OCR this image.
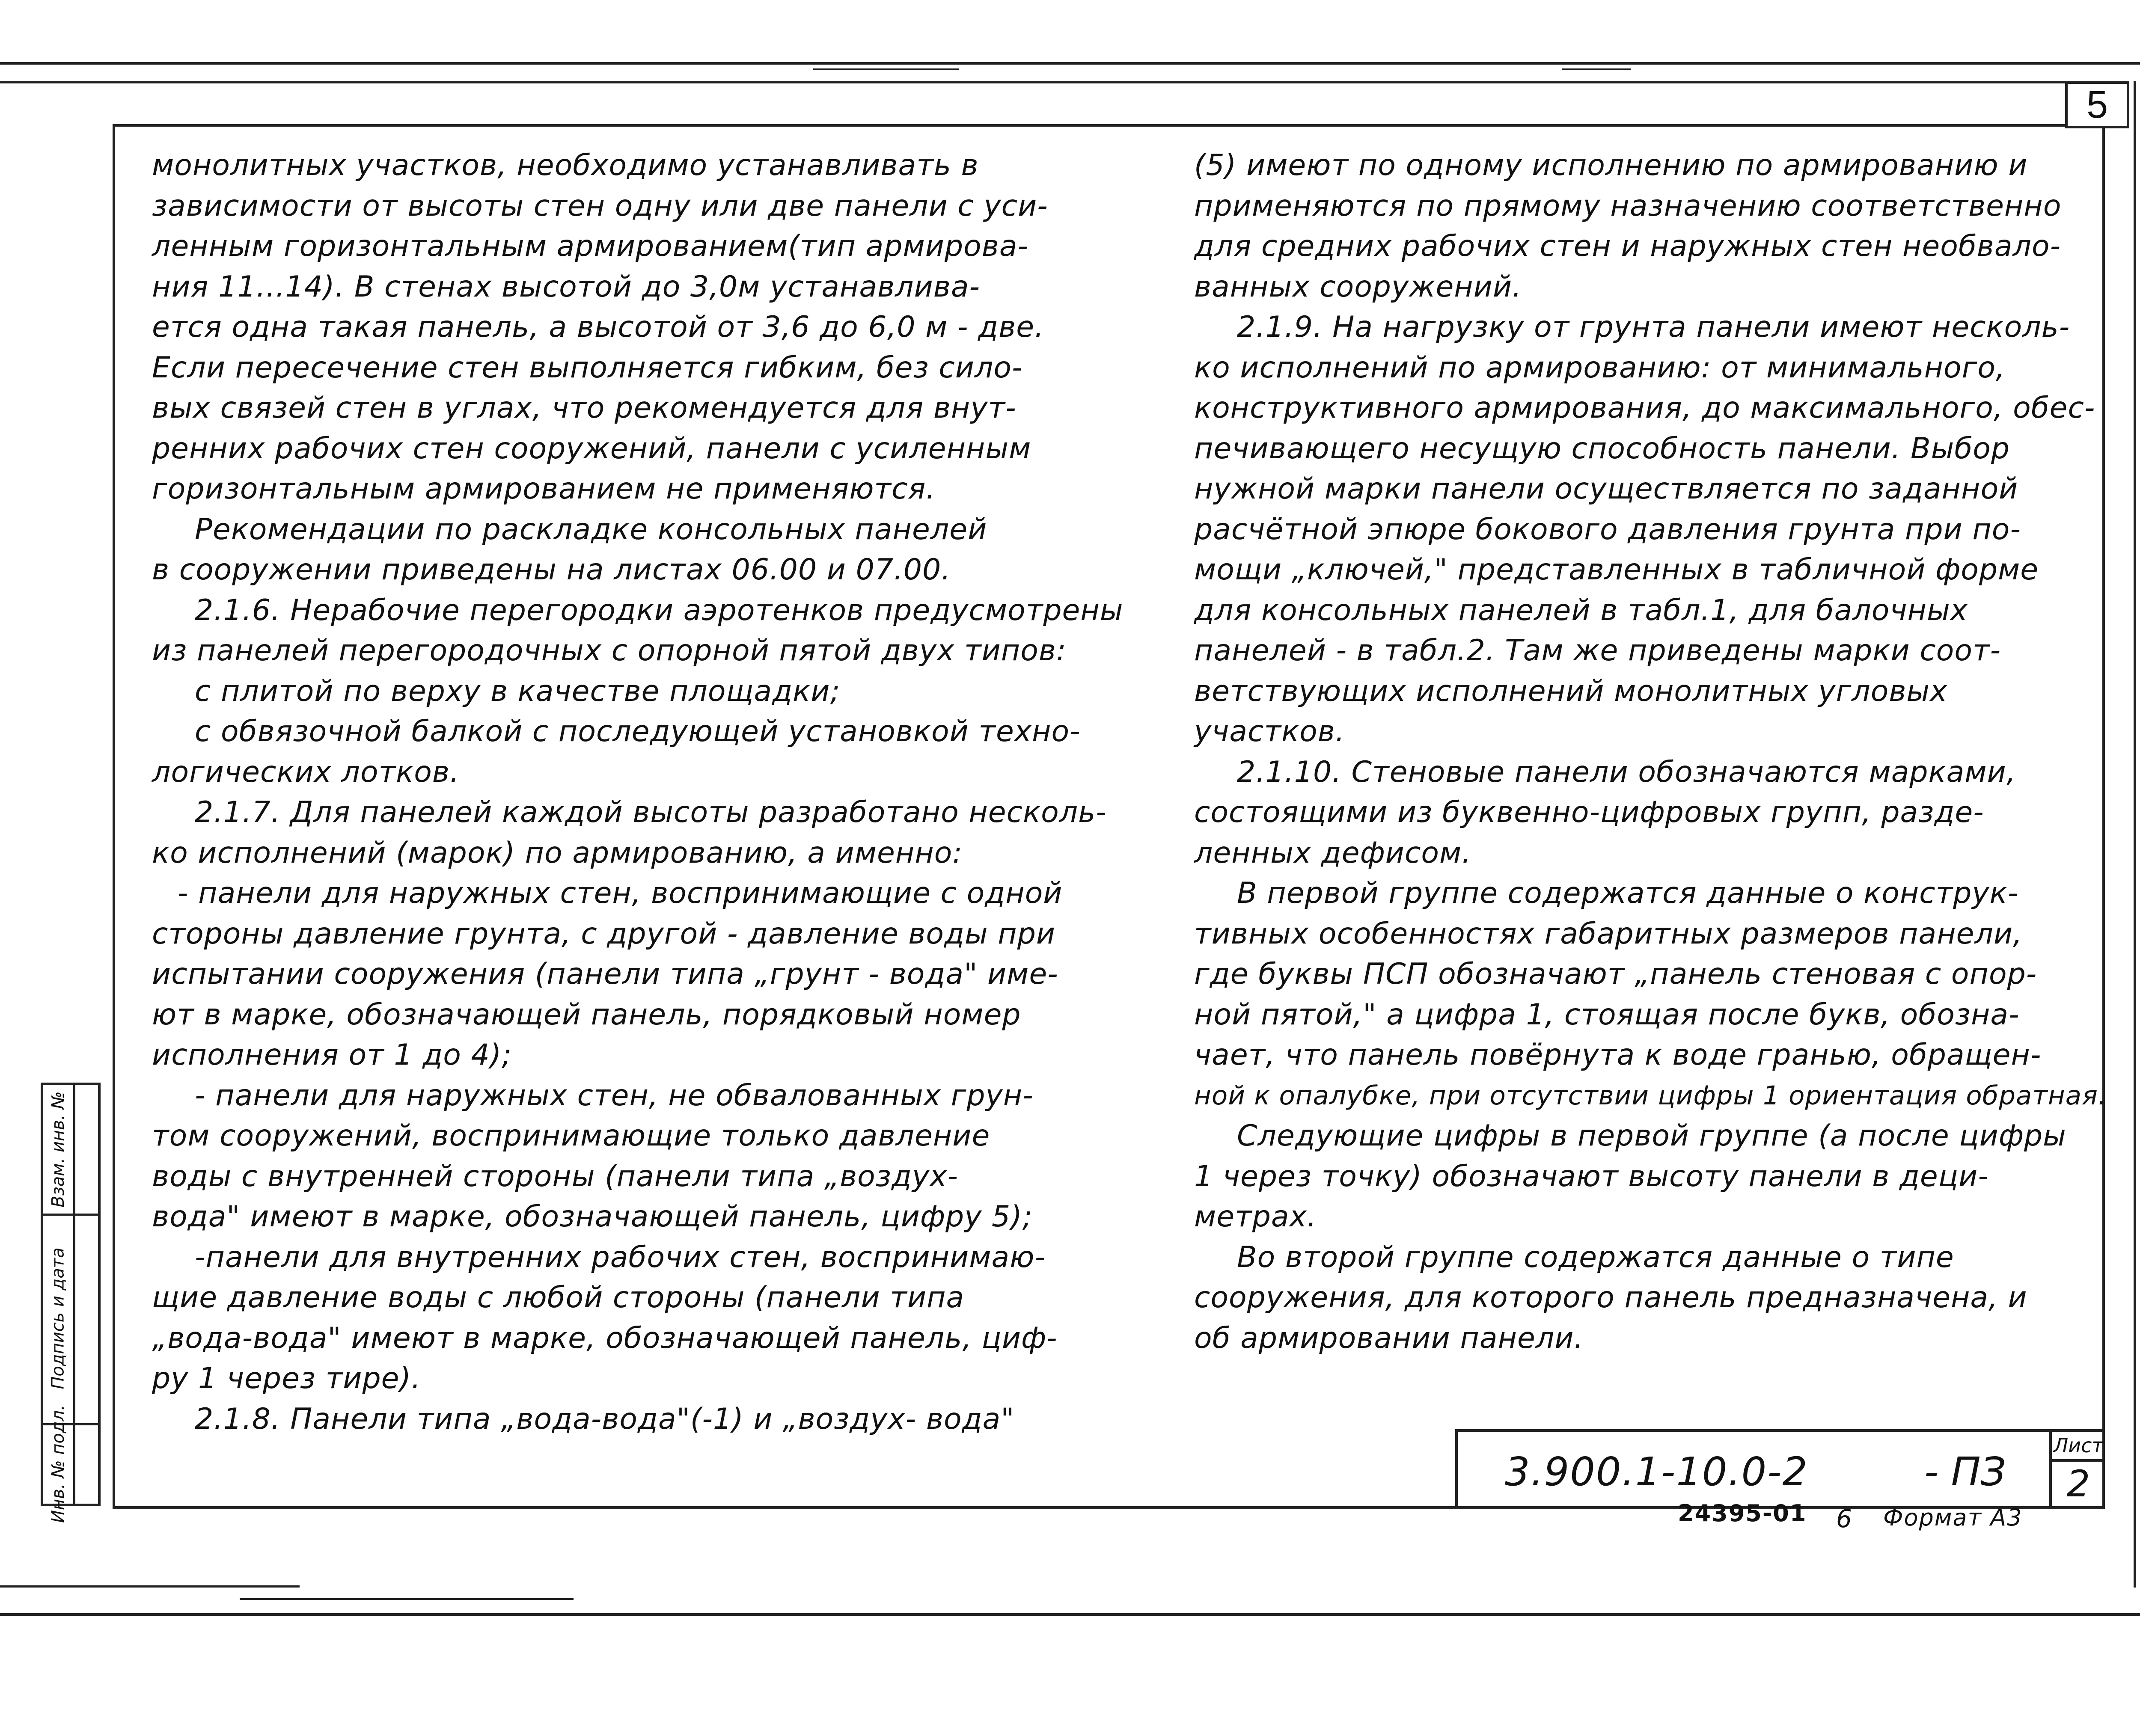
5
монолитных участков, необходимо устанавливать в
зависимости от высоты стен одну или две панели с уси-
ленным горизонтальным армированием(тип армирова-
ния 11...14). В стенах высотой до 3,0м устанавлива-
ется одна такая панель, а высотой от 3,6 до 6,0 м - две.
Если пересечение стен выполняется гибким, без сило-
вых связей стен в углах, что рекомендуется для внут-
ренних рабочих стен сооружений, панели с усиленным
горизонтальным армированием не применяются.
Рекомендации по раскладке консольных панелей
в сооружении приведены на листах 06.00 и 07.00.
2.1.6. Нерабочие перегородки аэротенков предусмотрены
из панелей перегородочных с опорной пятой двух типов:
с плитой по верху в качестве площадки;
с обвязочной балкой с последующей установкой техно-
логических лотков.
2.1.7. Для панелей каждой высоты разработано несколь-
ко исполнений (марок) по армированию, а именно:
- панели для наружных стен, воспринимающие с одной
стороны давление грунта, с другой - давление воды при
испытании сооружения (панели типа „грунт - вода" име-
ют в марке, обозначающей панель, порядковый номер
исполнения от 1 до 4);
- панели для наружных стен, не обвалованных грун-
том сооружений, воспринимающие только давление
воды с внутренней стороны (панели типа „воздух-
вода" имеют в марке, обозначающей панель, цифру 5);
-панели для внутренних рабочих стен, воспринимаю-
щие давление воды с любой стороны (панели типа
„вода-вода" имеют в марке, обозначающей панель, циф-
ру 1 через тире).
2.1.8. Панели типа „вода-вода"(-1) и „воздух- вода"
(5) имеют по одному исполнению по армированию и
применяются по прямому назначению соответственно
для средних рабочих стен и наружных стен необвало-
ванных сооружений.
2.1.9. На нагрузку от грунта панели имеют несколь-
ко исполнений по армированию: от минимального,
конструктивного армирования, до максимального, обес-
печивающего несущую способность панели. Выбор
нужной марки панели осуществляется по заданной
расчётной эпюре бокового давления грунта при по-
мощи „ключей," представленных в табличной форме
для консольных панелей в табл.1, для балочных
панелей - в табл.2. Там же приведены марки соот-
ветствующих исполнений монолитных угловых
участков.
2.1.10. Стеновые панели обозначаются марками,
состоящими из буквенно-цифровых групп, разде-
ленных дефисом.
В первой группе содержатся данные о конструк-
тивных особенностях габаритных размеров панели,
где буквы ПСП обозначают „панель стеновая с опор-
ной пятой," а цифра 1, стоящая после букв, обозна-
чает, что панель повёрнута к воде гранью, обращен-
ной к опалубке, при отсутствии цифры 1 ориентация обратная.
Следующие цифры в первой группе (а после цифры
1 через точку) обозначают высоту панели в деци-
метрах.
Во второй группе содержатся данные о типе
сооружения, для которого панель предназначена, и
об армировании панели.
3.900.1-10.0-2	- ПЗ
Лист
2
24395-01 6 Формат А3
Взам. инв. №
Подпись и дата
Инв. № подл.
